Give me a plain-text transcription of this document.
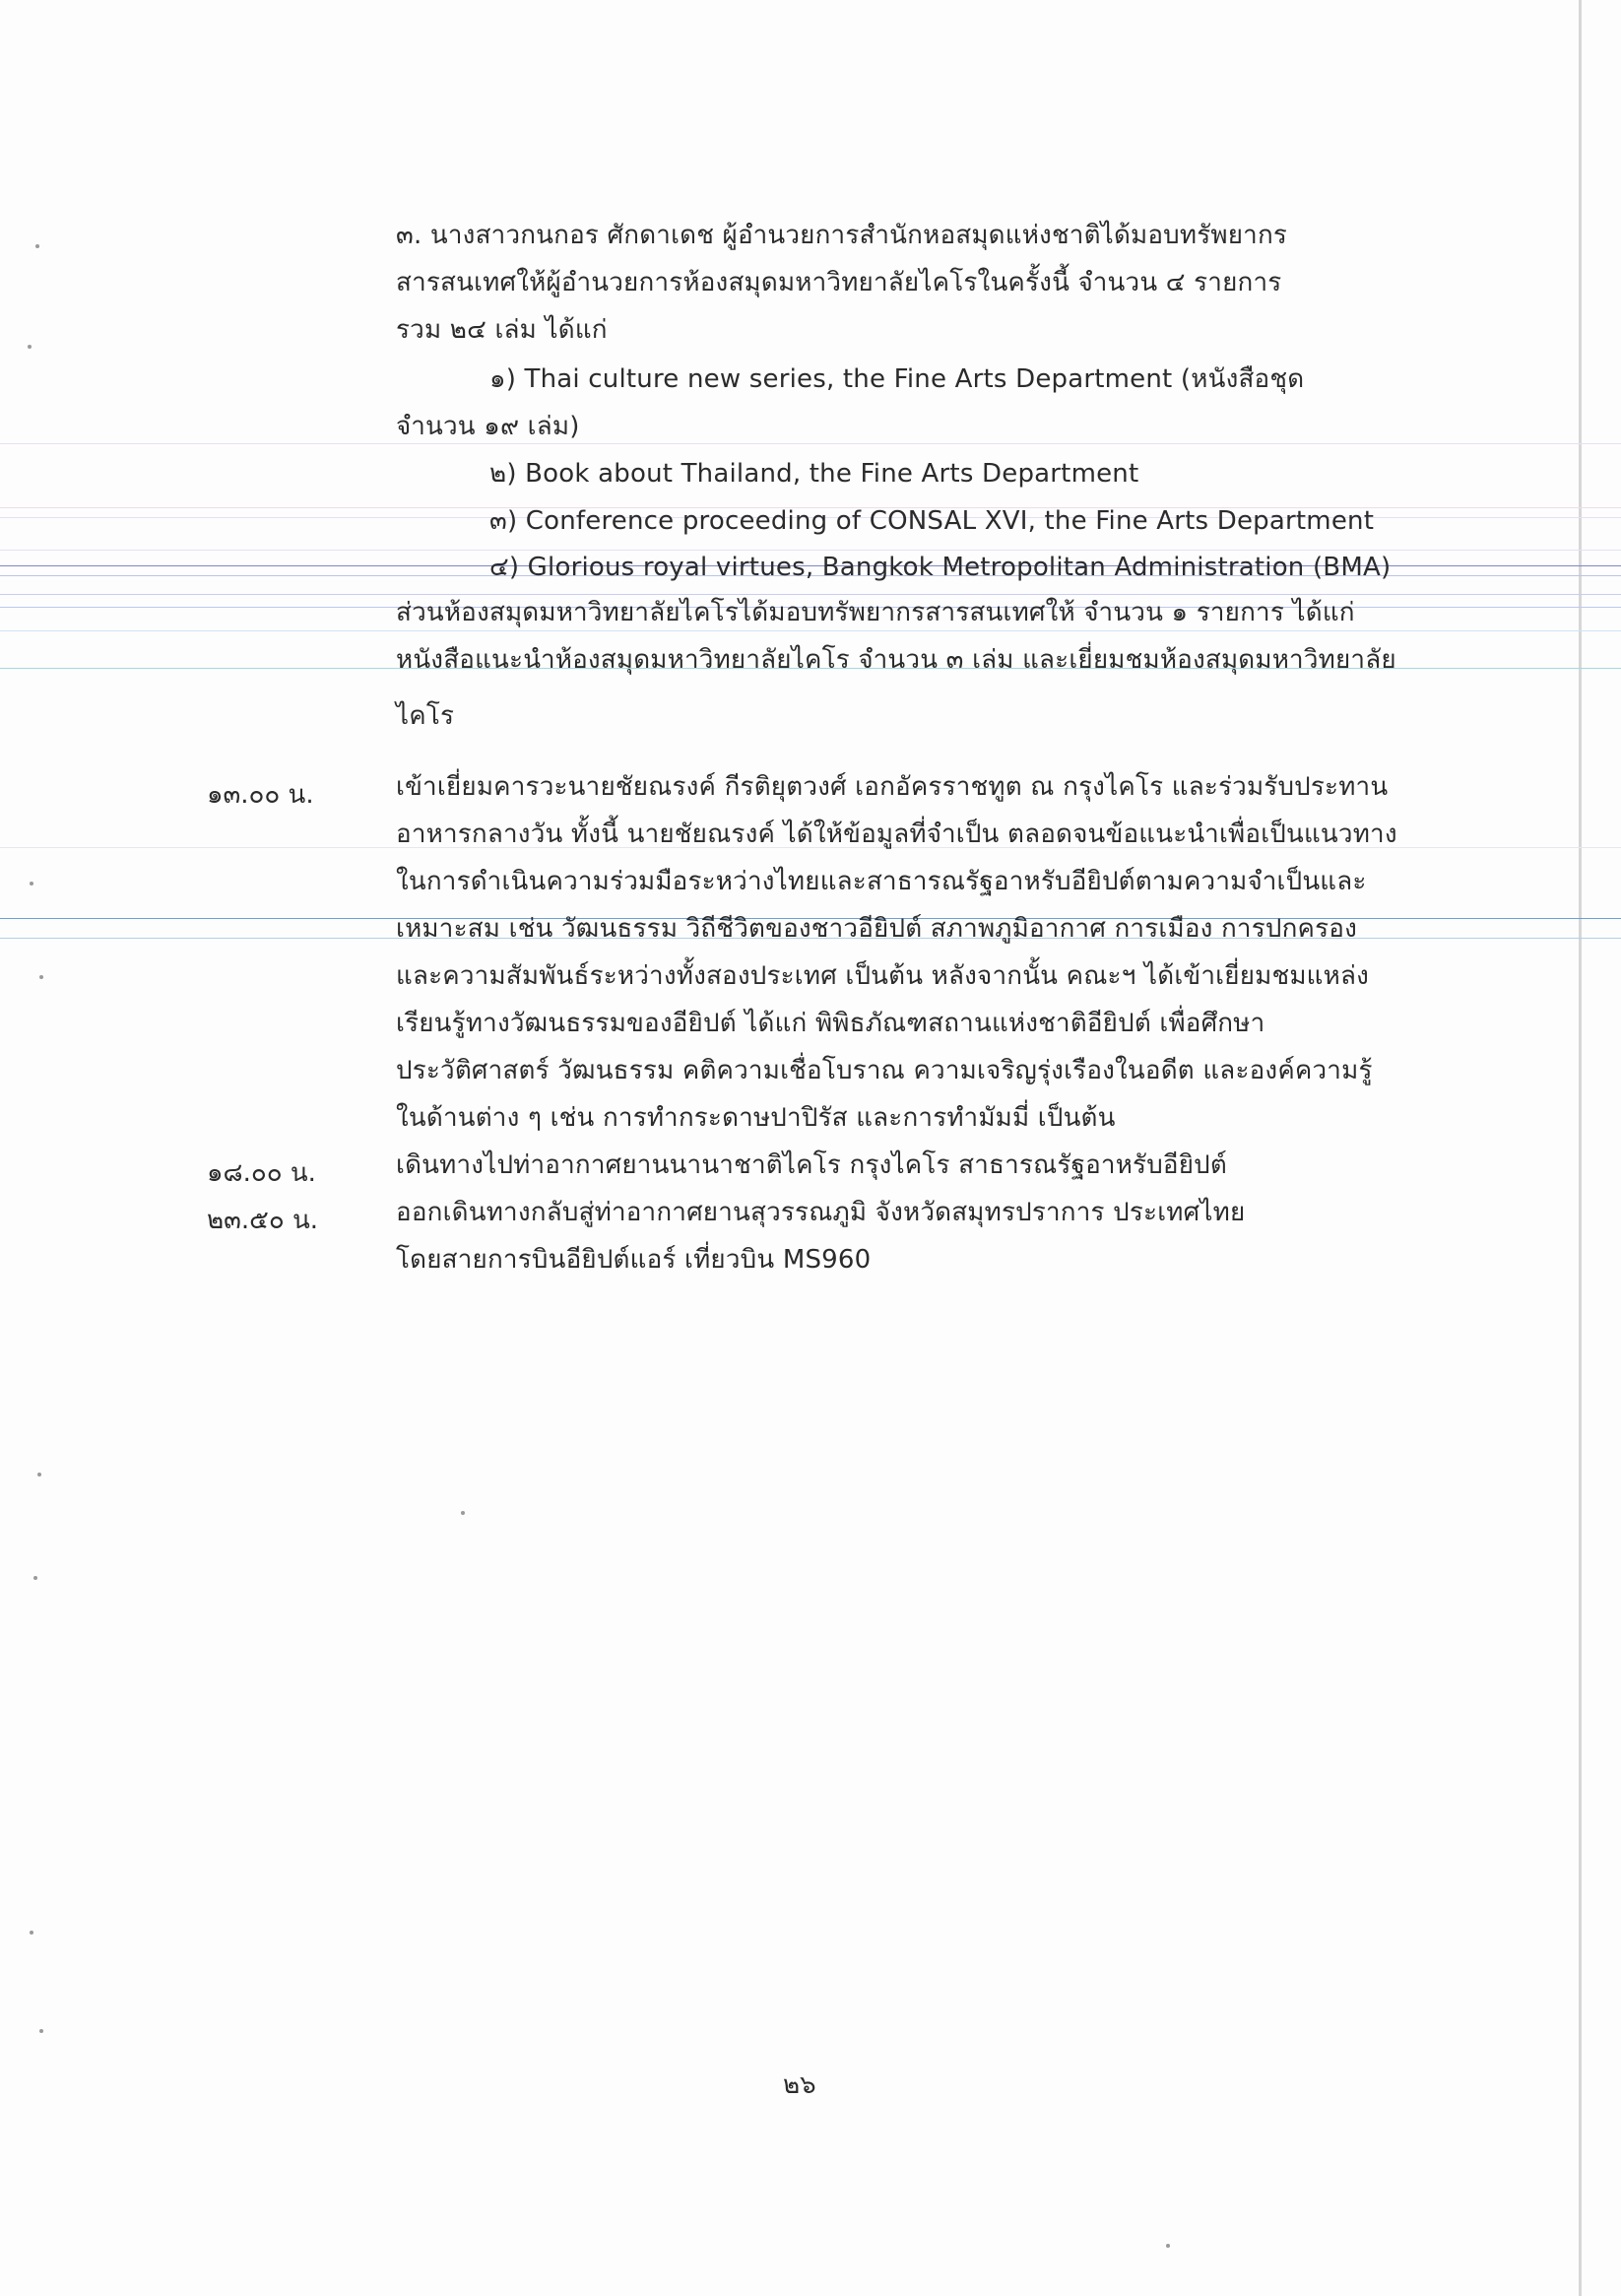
๓. นางสาวกนกอร ศักดาเดช ผู้อำนวยการสำนักหอสมุดแห่งชาติได้มอบทรัพยากร
สารสนเทศให้ผู้อำนวยการห้องสมุดมหาวิทยาลัยไคโรในครั้งนี้ จำนวน ๔ รายการ
รวม ๒๔ เล่ม ได้แก่
๑) Thai culture new series, the Fine Arts Department (หนังสือชุด
จำนวน ๑๙ เล่ม)
๒) Book about Thailand, the Fine Arts Department
๓) Conference proceeding of CONSAL XVI, the Fine Arts Department
๔) Glorious royal virtues, Bangkok Metropolitan Administration (BMA)
ส่วนห้องสมุดมหาวิทยาลัยไคโรได้มอบทรัพยากรสารสนเทศให้ จำนวน ๑ รายการ ได้แก่
หนังสือแนะนำห้องสมุดมหาวิทยาลัยไคโร จำนวน ๓ เล่ม และเยี่ยมชมห้องสมุดมหาวิทยาลัย
ไคโร
๑๓.๐๐ น.	เข้าเยี่ยมคารวะนายชัยณรงค์ กีรติยุตวงศ์ เอกอัครราชทูต ณ กรุงไคโร และร่วมรับประทาน
อาหารกลางวัน ทั้งนี้ นายชัยณรงค์ ได้ให้ข้อมูลที่จำเป็น ตลอดจนข้อแนะนำเพื่อเป็นแนวทาง
ในการดำเนินความร่วมมือระหว่างไทยและสาธารณรัฐอาหรับอียิปต์ตามความจำเป็นและ
เหมาะสม เช่น วัฒนธรรม วิถีชีวิตของชาวอียิปต์ สภาพภูมิอากาศ การเมือง การปกครอง
และความสัมพันธ์ระหว่างทั้งสองประเทศ เป็นต้น หลังจากนั้น คณะฯ ได้เข้าเยี่ยมชมแหล่ง
เรียนรู้ทางวัฒนธรรมของอียิปต์ ได้แก่ พิพิธภัณฑสถานแห่งชาติอียิปต์ เพื่อศึกษา
ประวัติศาสตร์ วัฒนธรรม คติความเชื่อโบราณ ความเจริญรุ่งเรืองในอดีต และองค์ความรู้
ในด้านต่าง ๆ เช่น การทำกระดาษปาปิรัส และการทำมัมมี่ เป็นต้น
๑๘.๐๐ น.	เดินทางไปท่าอากาศยานนานาชาติไคโร กรุงไคโร สาธารณรัฐอาหรับอียิปต์
๒๓.๕๐ น.	ออกเดินทางกลับสู่ท่าอากาศยานสุวรรณภูมิ จังหวัดสมุทรปราการ ประเทศไทย
โดยสายการบินอียิปต์แอร์ เที่ยวบิน MS960
๒๖
